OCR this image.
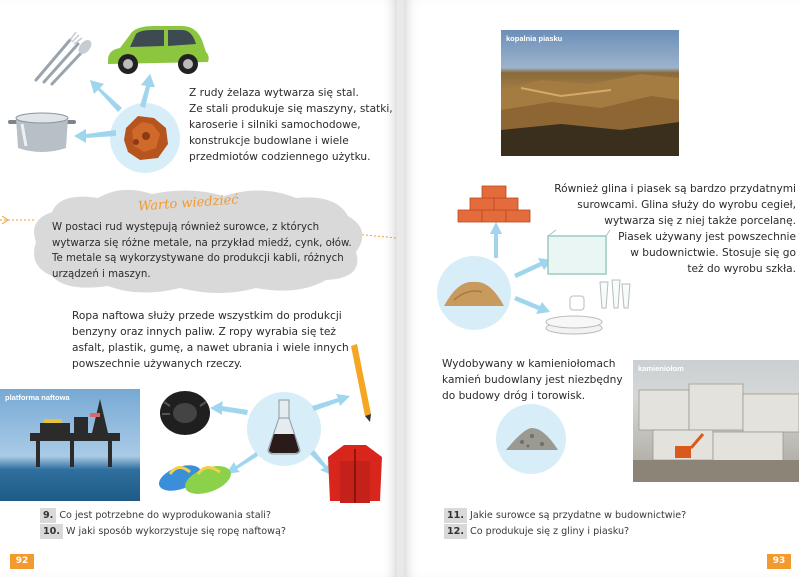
Z rudy żelaza wytwarza się stal.
Ze stali produkuje się maszyny, statki,
karoserie i silniki samochodowe,
konstrukcje budowlane i wiele
przedmiotów codziennego użytku.
Warto wiedzieć
W postaci rud występują również surowce, z których
wytwarza się różne metale, na przykład miedź, cynk, ołów.
Te metale są wykorzystywane do produkcji kabli, różnych
urządzeń i maszyn.
Ropa naftowa służy przede wszystkim do produkcji
benzyny oraz innych paliw. Z ropy wyrabia się też
asfalt, plastik, gumę, a nawet ubrania i wiele innych
powszechnie używanych rzeczy.
platforma naftowa
9. Co jest potrzebne do wyprodukowania stali?
10. W jaki sposób wykorzystuje się ropę naftową?
92
kopalnia piasku
Również glina i piasek są bardzo przydatnymi
surowcami. Glina służy do wyrobu cegieł,
wytwarza się z niej także porcelanę.
Piasek używany jest powszechnie
w budownictwie. Stosuje się go
też do wyrobu szkła.
Wydobywany w kamieniołomach
kamień budowlany jest niezbędny
do budowy dróg i torowisk.
kamieniołom
11. Jakie surowce są przydatne w budownictwie?
12. Co produkuje się z gliny i piasku?
93
